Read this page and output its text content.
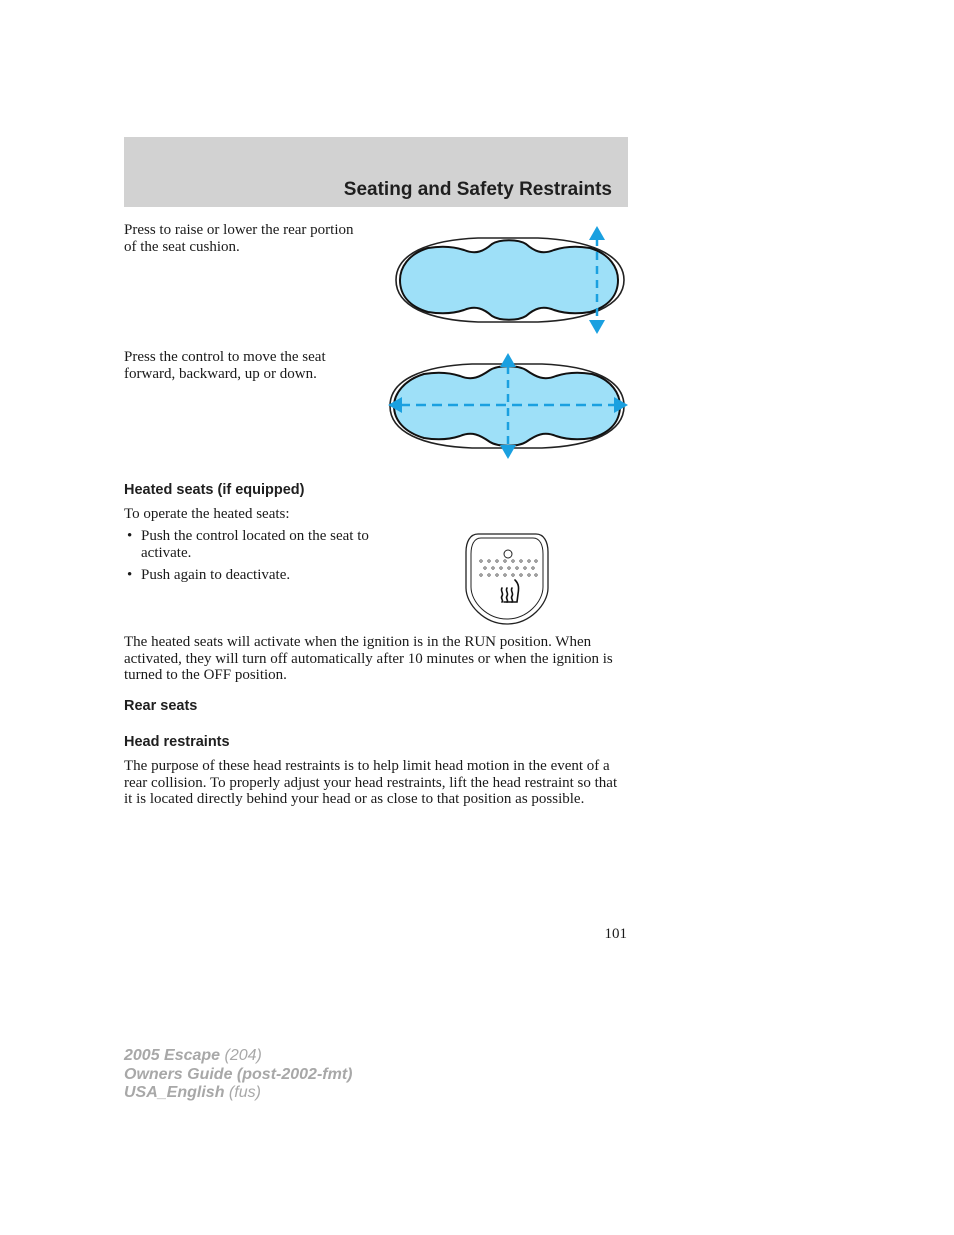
Seating and Safety Restraints
Press to raise or lower the rear portion of the seat cushion.
Press the control to move the seat forward, backward, up or down.
Heated seats (if equipped)
To operate the heated seats:
• Push the control located on the seat to activate.
• Push again to deactivate.
The heated seats will activate when the ignition is in the RUN position. When activated, they will turn off automatically after 10 minutes or when the ignition is turned to the OFF position.
Rear seats
Head restraints
The purpose of these head restraints is to help limit head motion in the event of a rear collision. To properly adjust your head restraints, lift the head restraint so that it is located directly behind your head or as close to that position as possible.
101
2005 Escape (204)
Owners Guide (post-2002-fmt)
USA_English (fus)
